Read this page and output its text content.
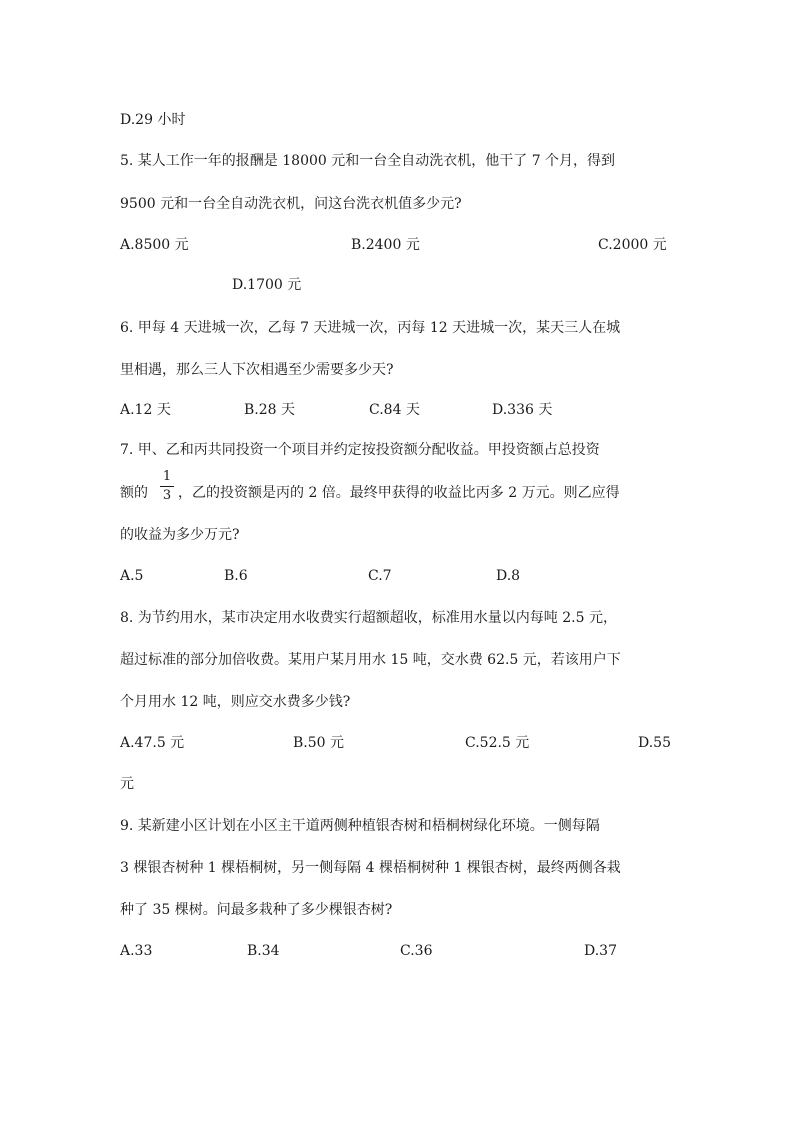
D.29 小时
5. 某人工作一年的报酬是 18000 元和一台全自动洗衣机，他干了 7 个月，得到
9500 元和一台全自动洗衣机，问这台洗衣机值多少元?
A.8500 元	B.2400 元	C.2000 元
D.1700 元
6. 甲每 4 天进城一次，乙每 7 天进城一次，丙每 12 天进城一次，某天三人在城
里相遇，那么三人下次相遇至少需要多少天?
A.12 天	B.28 天	C.84 天	D.336 天
7. 甲、乙和丙共同投资一个项目并约定按投资额分配收益。甲投资额占总投资
额的
1
3 ，乙的投资额是丙的 2 倍。最终甲获得的收益比丙多 2 万元。则乙应得
的收益为多少万元?
A.5	B.6	C.7	D.8
8. 为节约用水，某市决定用水收费实行超额超收，标准用水量以内每吨 2.5 元，
超过标准的部分加倍收费。某用户某月用水 15 吨，交水费 62.5 元，若该用户下
个月用水 12 吨，则应交水费多少钱?
A.47.5 元	B.50 元	C.52.5 元	D.55
元
9. 某新建小区计划在小区主干道两侧种植银杏树和梧桐树绿化环境。一侧每隔
3 棵银杏树种 1 棵梧桐树，另一侧每隔 4 棵梧桐树种 1 棵银杏树，最终两侧各栽
种了 35 棵树。问最多栽种了多少棵银杏树?
A.33	B.34	C.36	D.37
